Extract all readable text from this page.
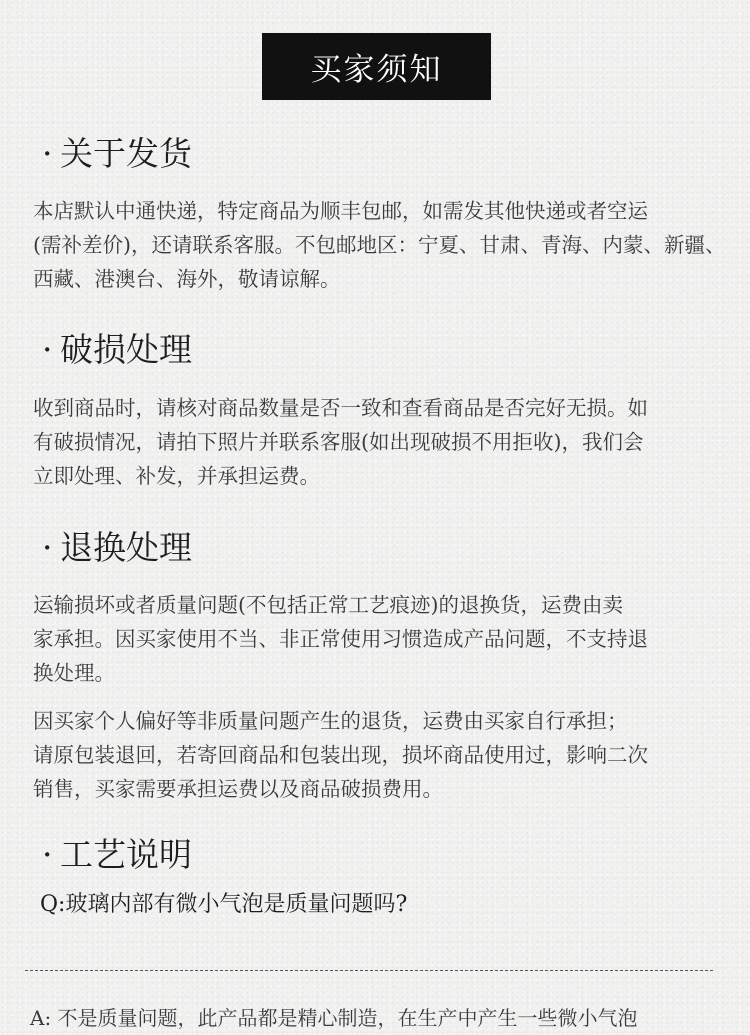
买家须知
· 关于发货
本店默认中通快递，特定商品为顺丰包邮，如需发其他快递或者空运
(需补差价)，还请联系客服。不包邮地区：宁夏、甘肃、青海、内蒙、新疆、
西藏、港澳台、海外，敬请谅解。
· 破损处理
收到商品时，请核对商品数量是否一致和查看商品是否完好无损。如
有破损情况，请拍下照片并联系客服(如出现破损不用拒收)，我们会
立即处理、补发，并承担运费。
· 退换处理
运输损坏或者质量问题(不包括正常工艺痕迹)的退换货，运费由卖
家承担。因买家使用不当、非正常使用习惯造成产品问题，不支持退
换处理。
因买家个人偏好等非质量问题产生的退货，运费由买家自行承担；
请原包装退回，若寄回商品和包装出现，损坏商品使用过，影响二次
销售，买家需要承担运费以及商品破损费用。
· 工艺说明
Q:玻璃内部有微小气泡是质量问题吗?
A: 不是质量问题，此产品都是精心制造，在生产中产生一些微小气泡
